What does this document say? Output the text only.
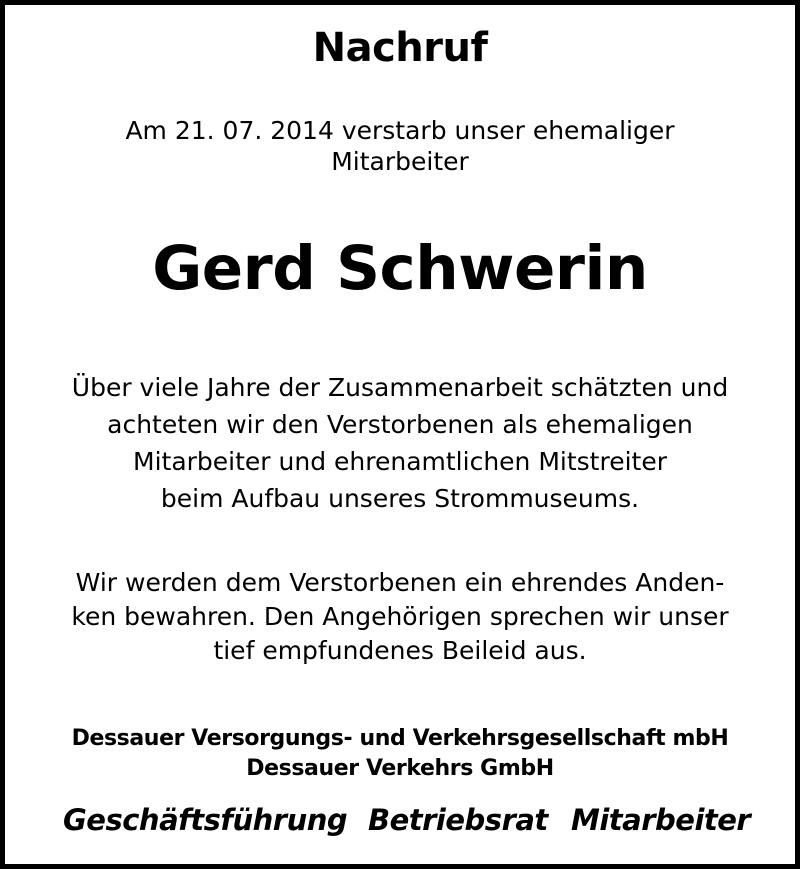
Nachruf
Am 21. 07. 2014 verstarb unser ehemaliger
Mitarbeiter
Gerd Schwerin
Über viele Jahre der Zusammenarbeit schätzten und
achteten wir den Verstorbenen als ehemaligen
Mitarbeiter und ehrenamtlichen Mitstreiter
beim Aufbau unseres Strommuseums.
Wir werden dem Verstorbenen ein ehrendes Anden-
ken bewahren. Den Angehörigen sprechen wir unser
tief empfundenes Beileid aus.
Dessauer Versorgungs- und Verkehrsgesellschaft mbH
Dessauer Verkehrs GmbH
Geschäftsführung Betriebsrat Mitarbeiter
